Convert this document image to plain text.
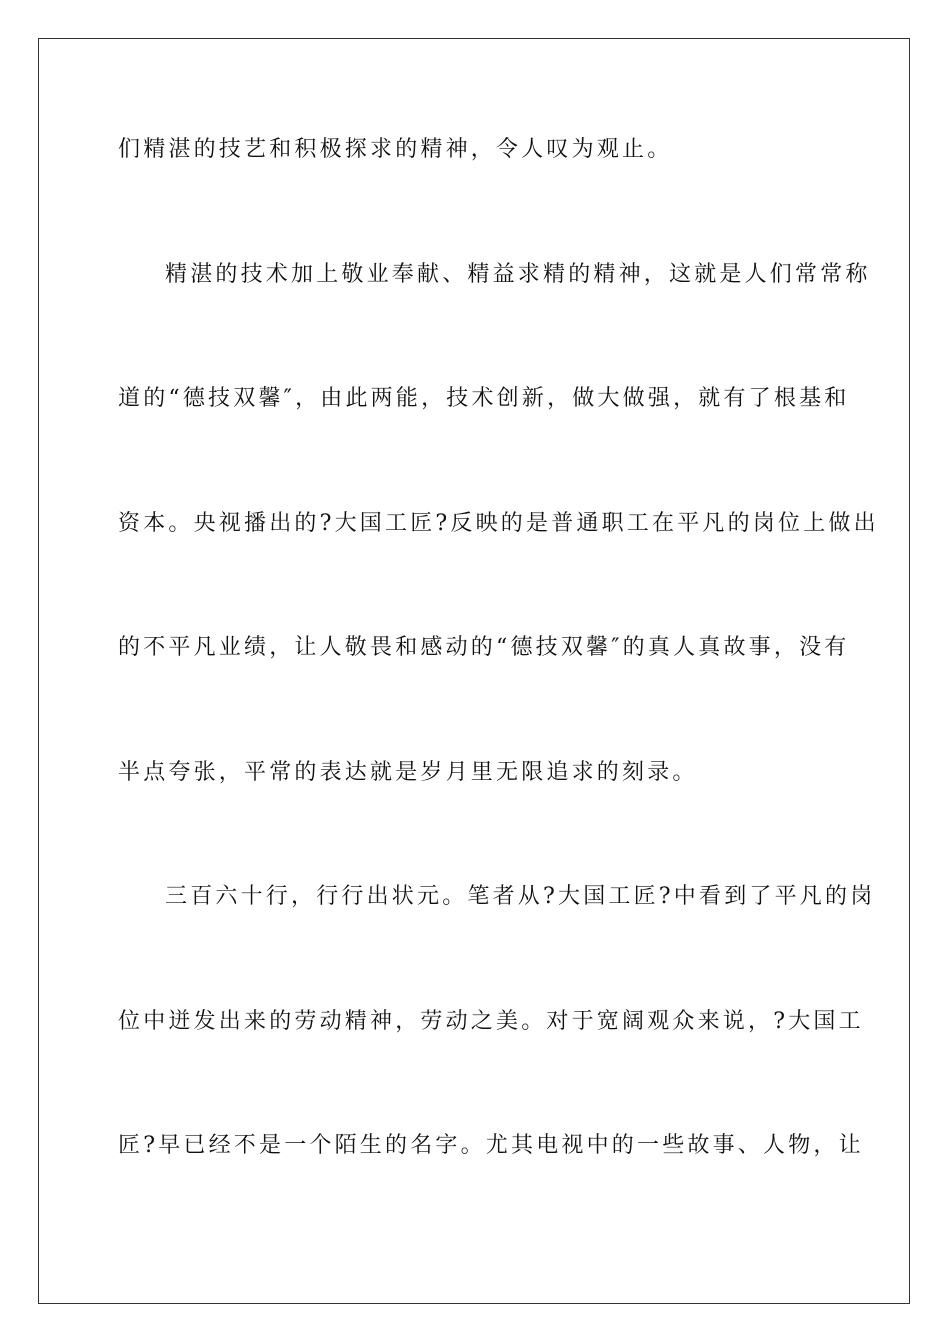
们精湛的技艺和积极探求的精神，令人叹为观止。

精湛的技术加上敬业奉献、精益求精的精神，这就是人们常常称

道的“德技双馨″，由此两能，技术创新，做大做强，就有了根基和

资本。央视播出的?大国工匠?反映的是普通职工在平凡的岗位上做出

的不平凡业绩，让人敬畏和感动的“德技双馨″的真人真故事，没有

半点夸张，平常的表达就是岁月里无限追求的刻录。

三百六十行，行行出状元。笔者从?大国工匠?中看到了平凡的岗

位中迸发出来的劳动精神，劳动之美。对于宽阔观众来说，?大国工

匠?早已经不是一个陌生的名字。尤其电视中的一些故事、人物，让
